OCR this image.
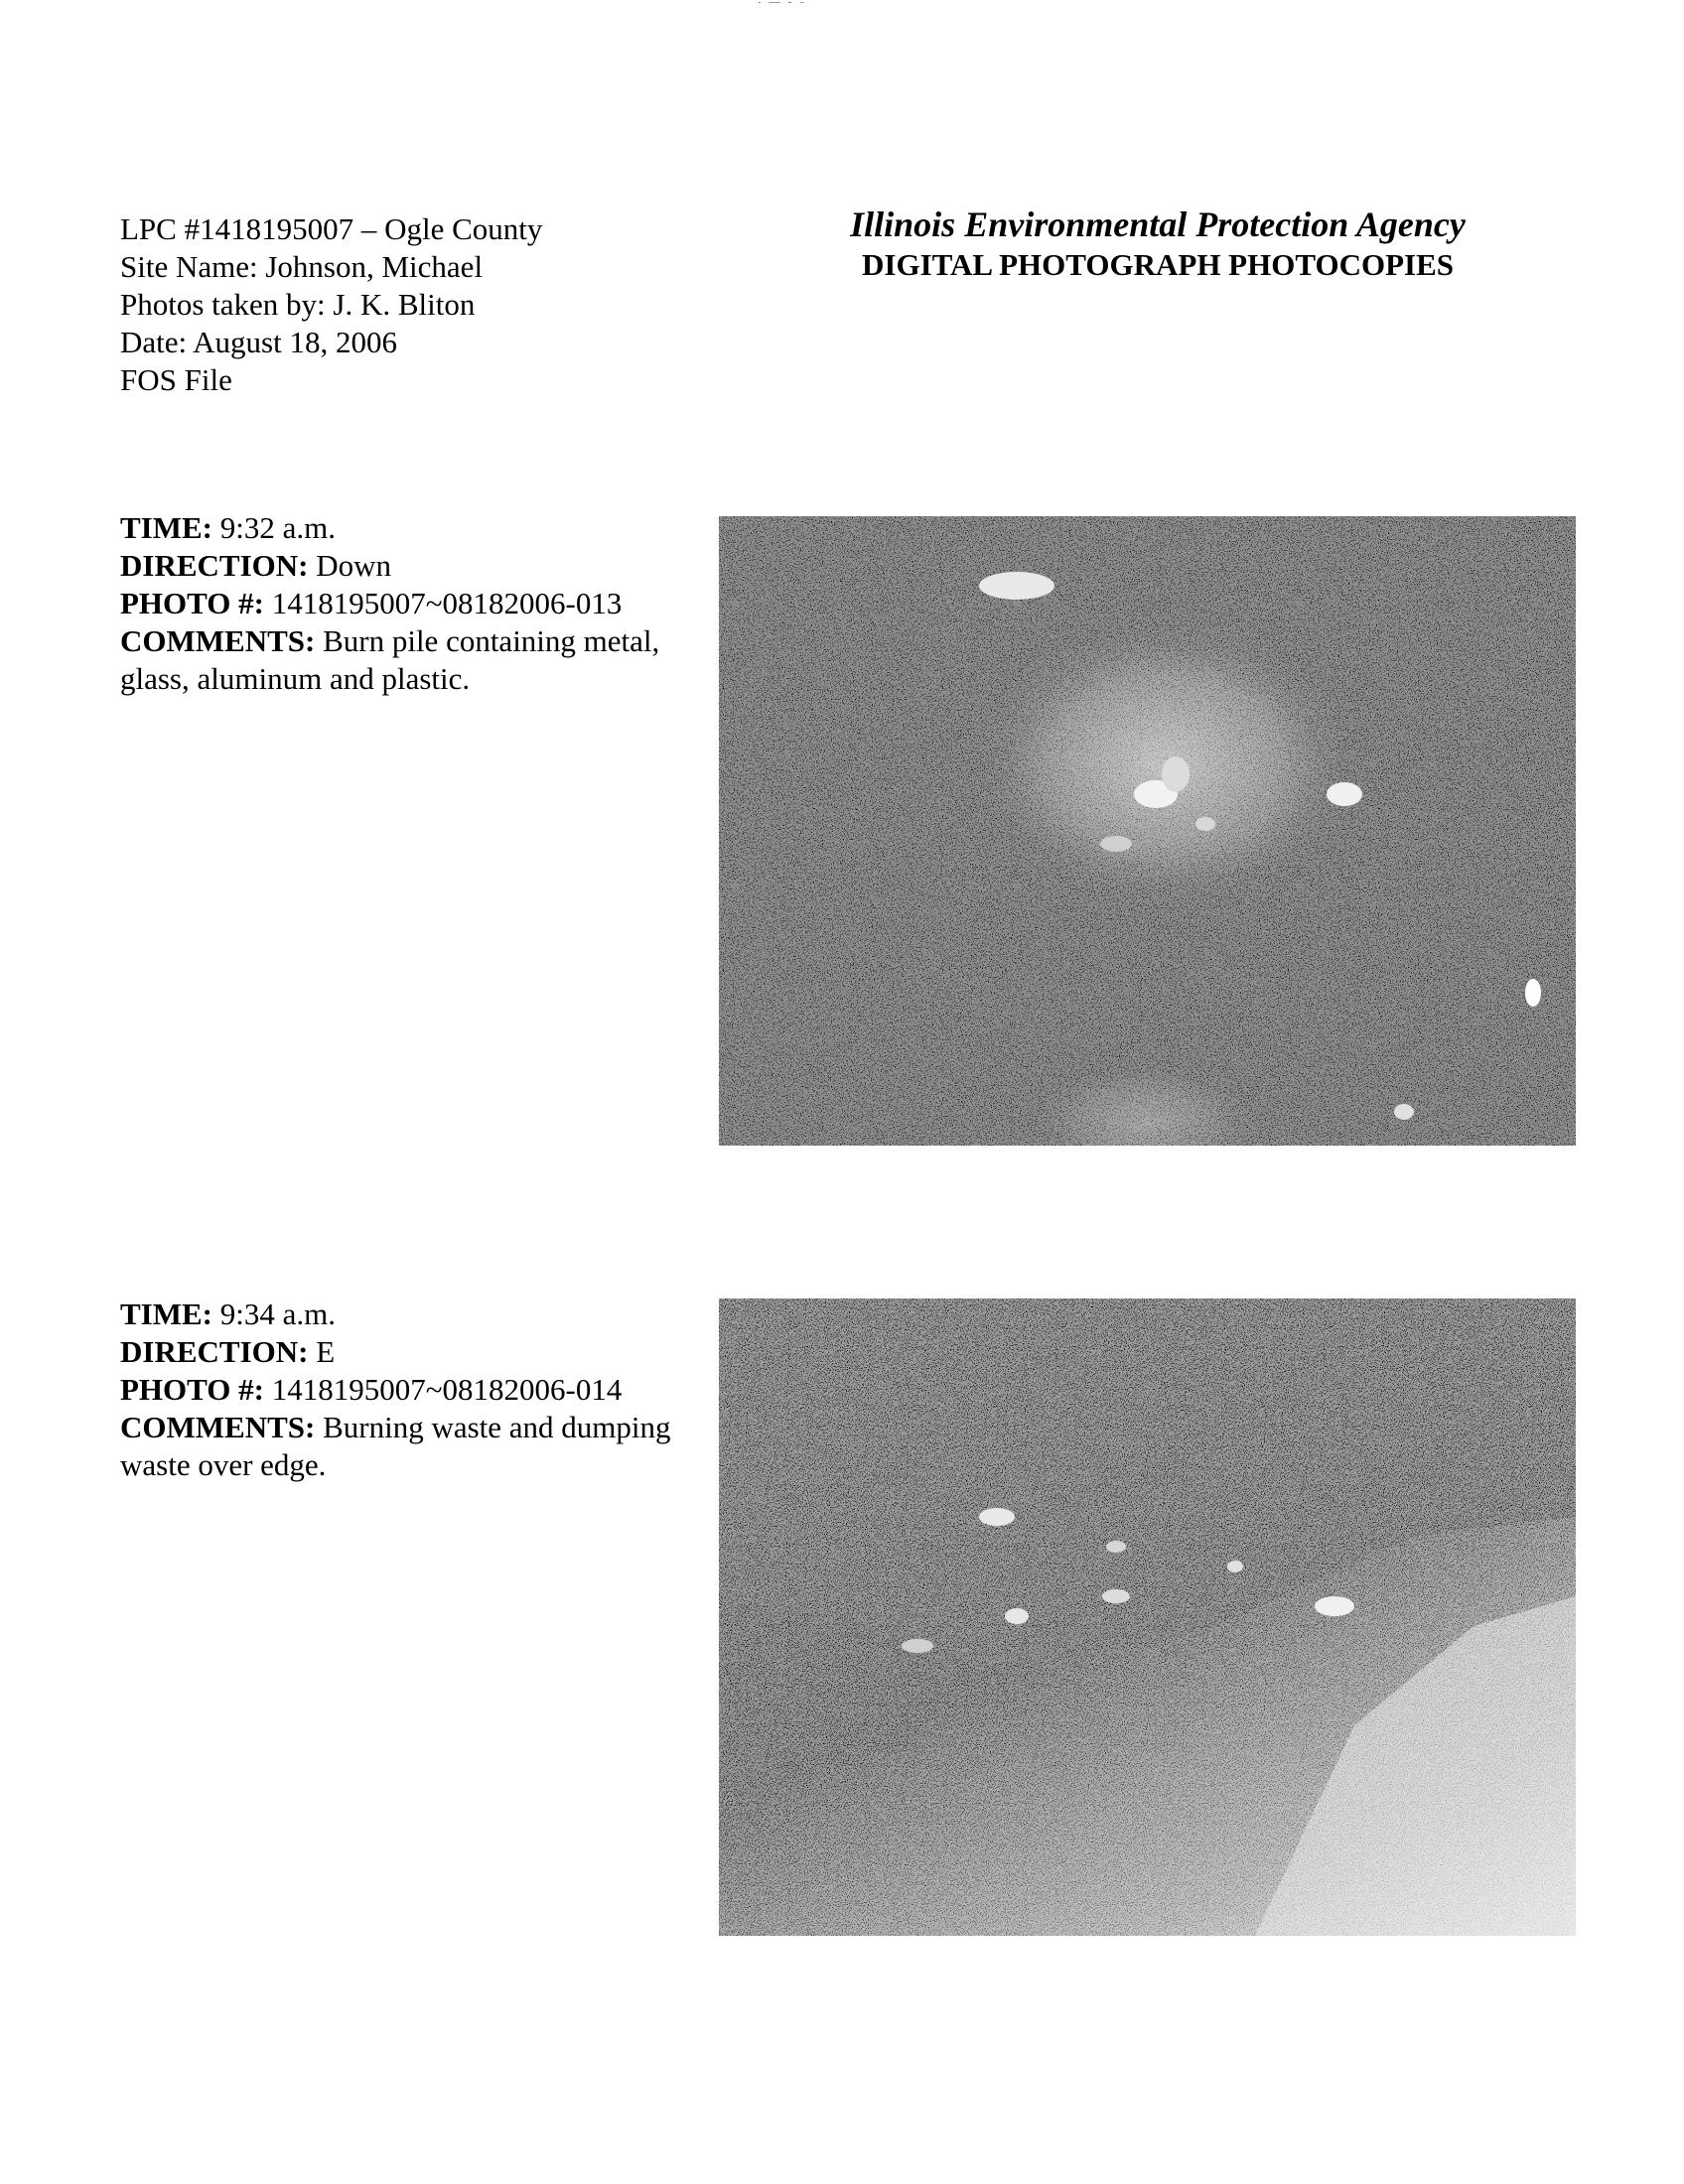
LPC #1418195007 – Ogle County
Site Name: Johnson, Michael
Photos taken by: J. K. Bliton
Date: August 18, 2006
FOS File
Illinois Environmental Protection Agency
DIGITAL PHOTOGRAPH PHOTOCOPIES
TIME: 9:32 a.m.
DIRECTION: Down
PHOTO #: 1418195007~08182006-013
COMMENTS: Burn pile containing metal, glass, aluminum and plastic.
TIME: 9:34 a.m.
DIRECTION: E
PHOTO #: 1418195007~08182006-014
COMMENTS: Burning waste and dumping waste over edge.
